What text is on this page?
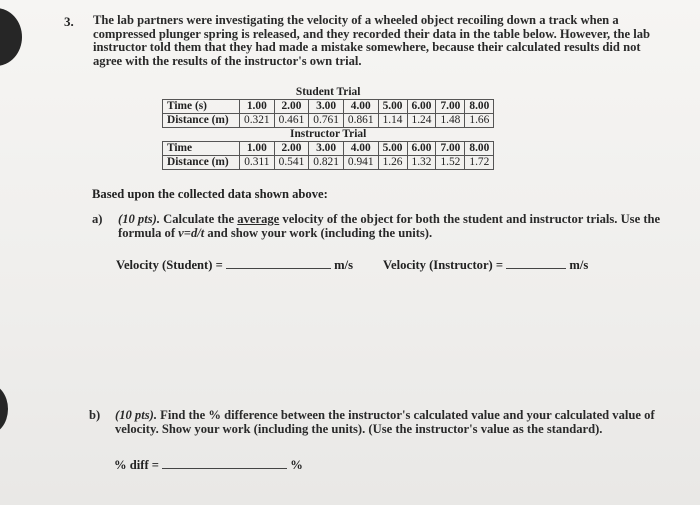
3. The lab partners were investigating the velocity of a wheeled object recoiling down a track when a compressed plunger spring is released, and they recorded their data in the table below. However, the lab instructor told them that they had made a mistake somewhere, because their calculated results did not agree with the results of the instructor's own trial.
Student Trial								
Time (s)	1.00	2.00	3.00	4.00	5.00	6.00	7.00	8.00
Distance (m)	0.321	0.461	0.761	0.861	1.14	1.24	1.48	1.66
Instructor Trial								
Time	1.00	2.00	3.00	4.00	5.00	6.00	7.00	8.00
Distance (m)	0.311	0.541	0.821	0.941	1.26	1.32	1.52	1.72
Based upon the collected data shown above:
a) (10 pts). Calculate the average velocity of the object for both the student and instructor trials. Use the formula of v=d/t and show your work (including the units).
Velocity (Student) =	m/s Velocity (Instructor) =	m/s
b) (10 pts). Find the % difference between the instructor's calculated value and your calculated value of velocity. Show your work (including the units). (Use the instructor's value as the standard).
% diff =	%
